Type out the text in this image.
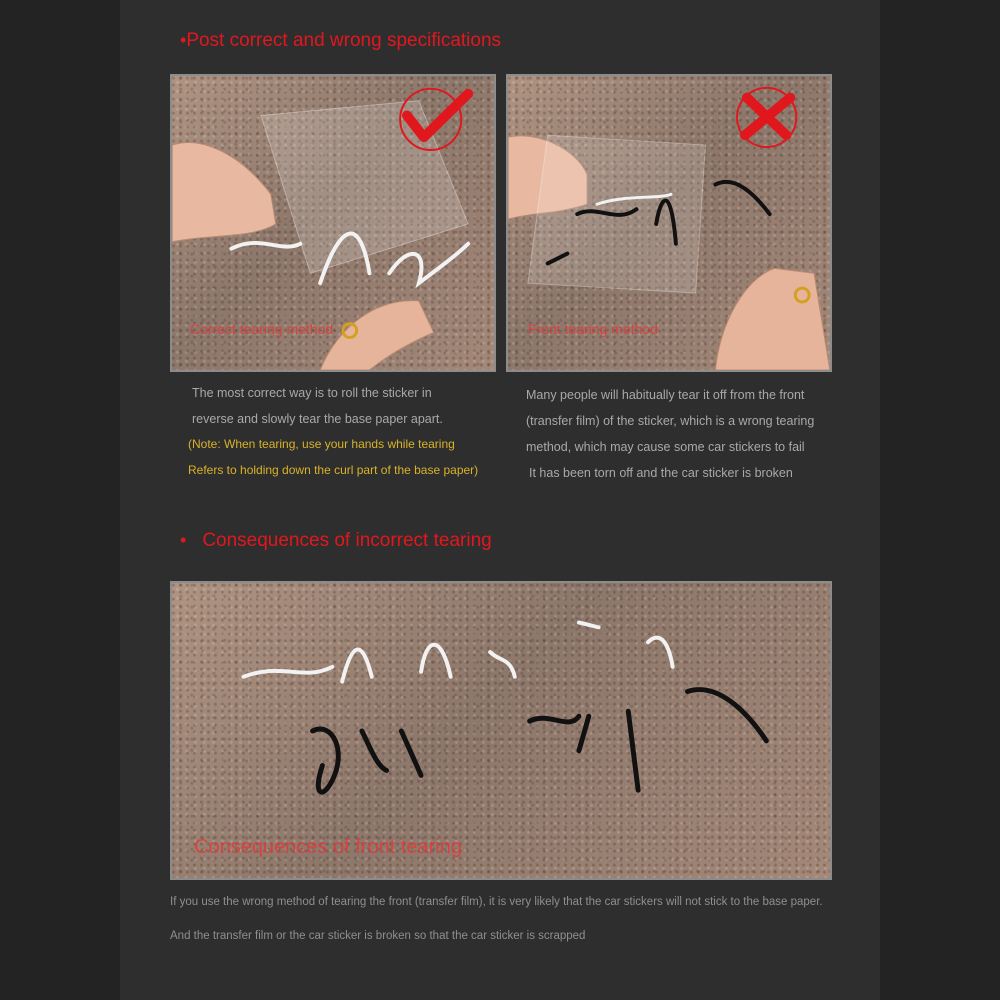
•Post correct and wrong specifications
Correct tearing method	Front tearing method

The most correct way is to roll the sticker in

reverse and slowly tear the base paper apart.

(Note: When tearing, use your hands while tearing

Refers to holding down the curl part of the base paper)

Many people will habitually tear it off from the front

(transfer film) of the sticker, which is a wrong tearing

method, which may cause some car stickers to fail

It has been torn off and the car sticker is broken

• Consequences of incorrect tearing
Consequences of front tearing
If you use the wrong method of tearing the front (transfer film), it is very likely that the car stickers will not stick to the base paper.
And the transfer film or the car sticker is broken so that the car sticker is scrapped
